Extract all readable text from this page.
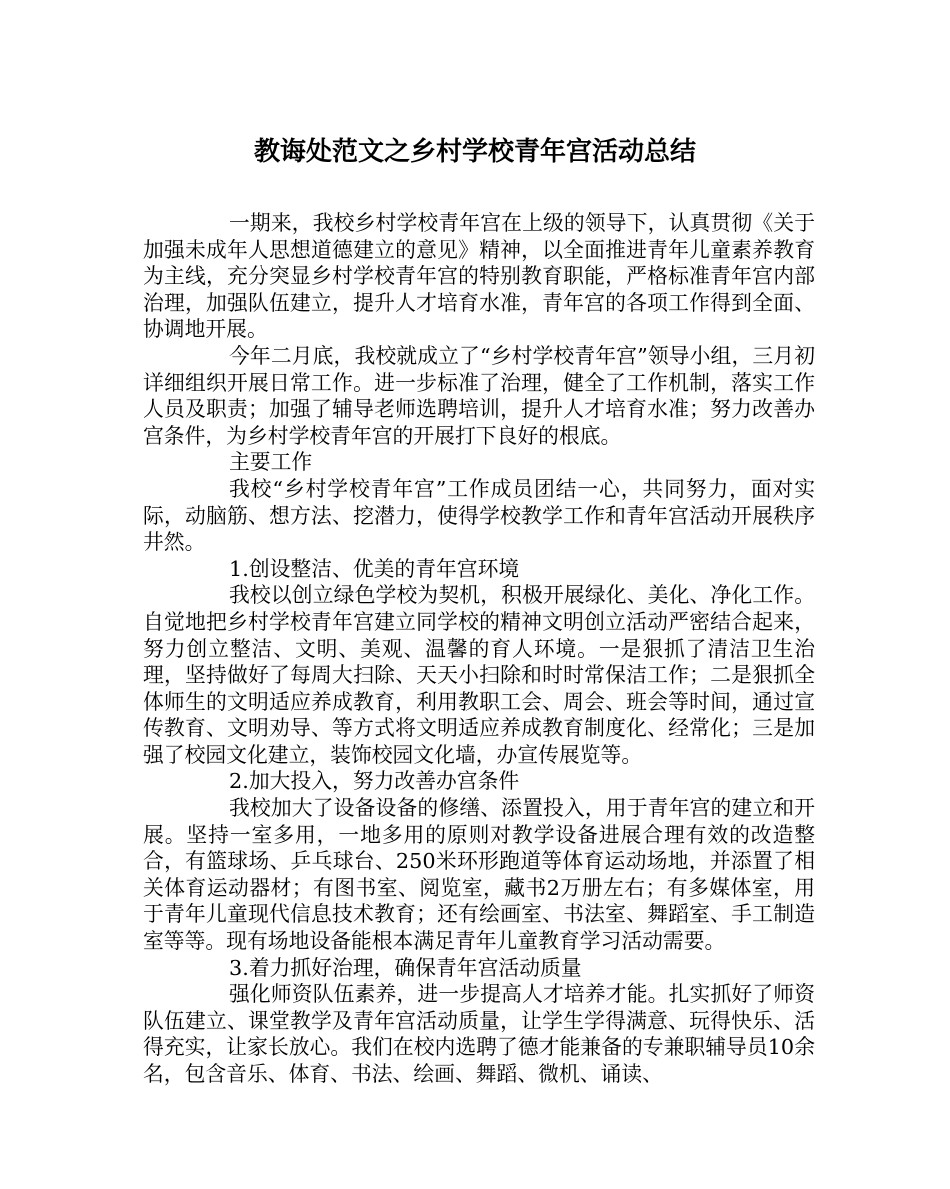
教诲处范文之乡村学校青年宫活动总结

一期来，我校乡村学校青年宫在上级的领导下，认真贯彻《关于加强未成年人思想道德建立的意见》精神，以全面推进青年儿童素养教育为主线，充分突显乡村学校青年宫的特别教育职能，严格标准青年宫内部治理，加强队伍建立，提升人才培育水准，青年宫的各项工作得到全面、协调地开展。

今年二月底，我校就成立了“乡村学校青年宫”领导小组，三月初详细组织开展日常工作。进一步标准了治理，健全了工作机制，落实工作人员及职责；加强了辅导老师选聘培训，提升人才培育水准；努力改善办宫条件，为乡村学校青年宫的开展打下良好的根底。

主要工作

我校“乡村学校青年宫”工作成员团结一心，共同努力，面对实际，动脑筋、想方法、挖潜力，使得学校教学工作和青年宫活动开展秩序井然。

1.创设整洁、优美的青年宫环境

我校以创立绿色学校为契机，积极开展绿化、美化、净化工作。自觉地把乡村学校青年宫建立同学校的精神文明创立活动严密结合起来，努力创立整洁、文明、美观、温馨的育人环境。一是狠抓了清洁卫生治理，坚持做好了每周大扫除、天天小扫除和时时常保洁工作；二是狠抓全体师生的文明适应养成教育，利用教职工会、周会、班会等时间，通过宣传教育、文明劝导、等方式将文明适应养成教育制度化、经常化；三是加强了校园文化建立，装饰校园文化墙，办宣传展览等。

2.加大投入，努力改善办宫条件

我校加大了设备设备的修缮、添置投入，用于青年宫的建立和开展。坚持一室多用，一地多用的原则对教学设备进展合理有效的改造整合，有篮球场、乒乓球台、250米环形跑道等体育运动场地，并添置了相关体育运动器材；有图书室、阅览室，藏书2万册左右；有多媒体室，用于青年儿童现代信息技术教育；还有绘画室、书法室、舞蹈室、手工制造室等等。现有场地设备能根本满足青年儿童教育学习活动需要。

3.着力抓好治理，确保青年宫活动质量

强化师资队伍素养，进一步提高人才培养才能。扎实抓好了师资队伍建立、课堂教学及青年宫活动质量，让学生学得满意、玩得快乐、活得充实，让家长放心。我们在校内选聘了德才能兼备的专兼职辅导员10余名，包含音乐、体育、书法、绘画、舞蹈、微机、诵读、
